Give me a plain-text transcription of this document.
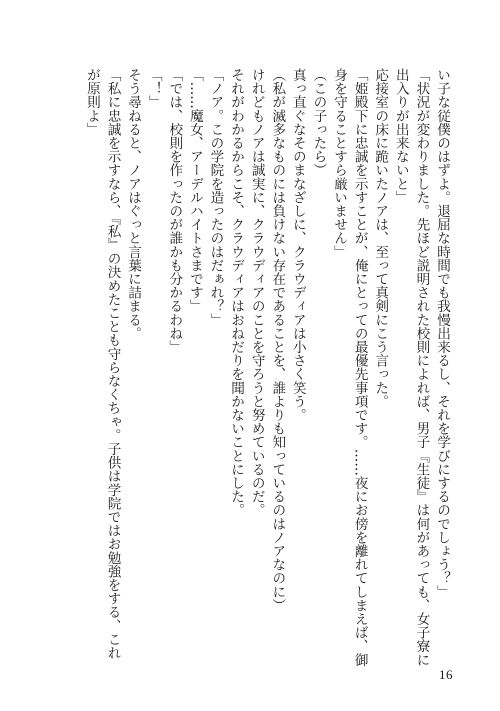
い子な従僕のはずよ。退屈な時間でも我慢出来るし、それを学びにするのでしょう？」

「状況が変わりました。先ほど説明された校則によれば、男子『生徒』は何があっても、女子寮に

出入りが出来ないと」

応接室の床に跪いたノアは、至って真剣にこう言った。

「姫殿下に忠誠を示すことが、俺にとっての最優先事項です。……夜にお傍を離れてしまえば、御

身を守ることすら厳いません」

（この子ったら）

真っ直ぐなそのまなざしに、クラウディアは小さく笑う。

（私が滅多なものには負けない存在であることを、誰よりも知っているのはノアなのに）

けれどもノアは誠実に、クラウディアのことを守ろうと努めているのだ。

それがわかるからこそ、クラウディアはおねだりを聞かないことにした。

「ノア。この学院を造ったのはだぁれ？」

「……魔女、アーデルハイトさまです」

「では、校則を作ったのが誰かも分かるわね」

「！」

そう尋ねると、ノアはぐっと言葉に詰まる。

「私に忠誠を示すなら、『私』の決めたことも守らなくちゃ。子供は学院ではお勉強をする、これ

が原則よ」

16
